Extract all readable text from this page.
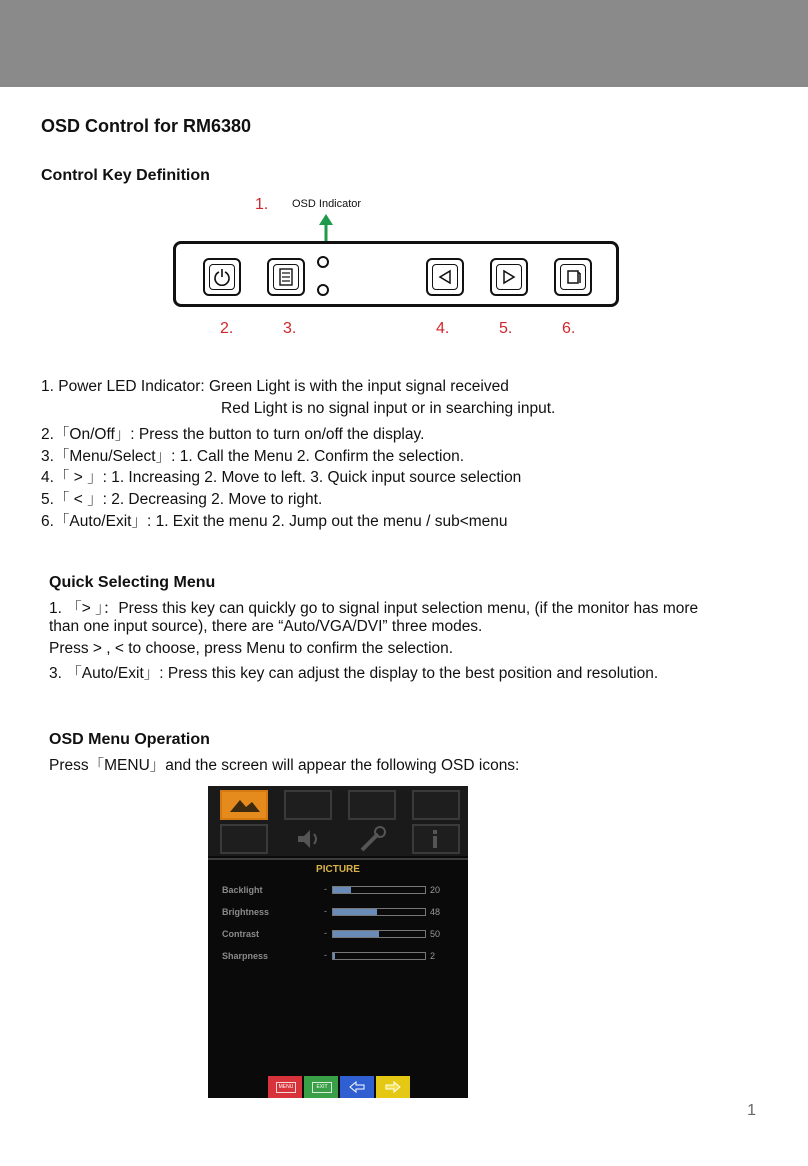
OSD Control for RM6380
Control Key Definition
1. OSD Indicator
2.	3.	4.	5.	6.
1. Power LED Indicator: Green Light is with the input signal received
Red Light is no signal input or in searching input.
2.「On/Off」: Press the button to turn on/off the display.
3.「Menu/Select」: 1. Call the Menu 2. Confirm the selection.
4.「 > 」: 1. Increasing 2. Move to left. 3. Quick input source selection
5.「 < 」: 2. Decreasing 2. Move to right.
6.「Auto/Exit」: 1. Exit the menu 2. Jump out the menu / sub<menu
Quick Selecting Menu
1. 「> 」：Press this key can quickly go to signal input selection menu, (if the monitor has more
than one input source), there are “Auto/VGA/DVI” three modes.
Press > , < to choose, press Menu to confirm the selection.
3. 「Auto/Exit」: Press this key can adjust the display to the best position and resolution.
OSD Menu Operation
Press「MENU」and the screen will appear the following OSD icons:
PICTURE
Backlight	-	20
Brightness	-	48
Contrast	-	50
Sharpness	-	2
MENU	EXIT
1
